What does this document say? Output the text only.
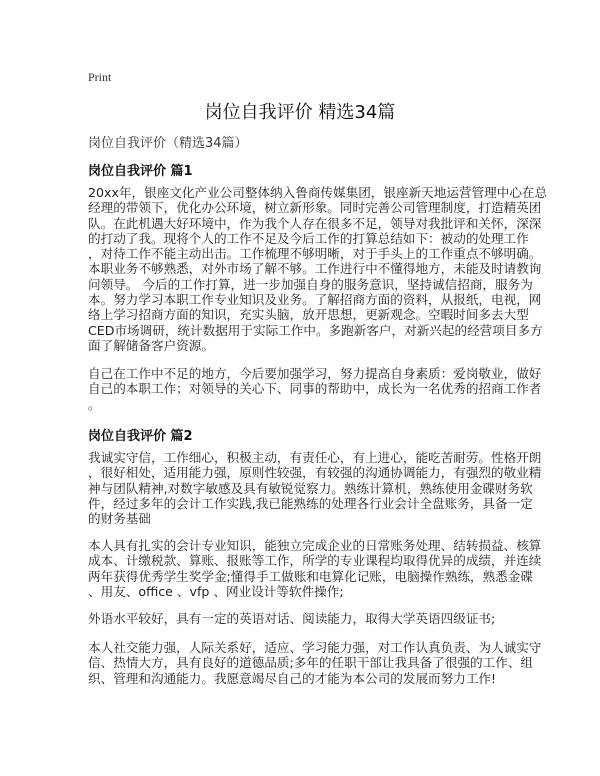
Print
岗位自我评价 精选34篇
岗位自我评价（精选34篇）
岗位自我评价 篇1
20xx年，银座文化产业公司整体纳入鲁商传媒集团，银座新天地运营管理中心在总
经理的带领下，优化办公环境，树立新形象。同时完善公司管理制度，打造精英团
队。在此机遇大好环境中，作为我个人存在很多不足，领导对我批评和关怀，深深
的打动了我。现将个人的工作不足及今后工作的打算总结如下：被动的处理工作
，对待工作不能主动出击。工作梳理不够明晰，对于手头上的工作重点不够明确。
本职业务不够熟悉，对外市场了解不够。工作进行中不懂得地方，未能及时请教询
问领导。 今后的工作打算，进一步加强自身的服务意识，坚持诚信招商，服务为
本。努力学习本职工作专业知识及业务。了解招商方面的资料，从报纸，电视，网
络上学习招商方面的知识，充实头脑，放开思想，更新观念。空暇时间多去大型
CED市场调研，统计数据用于实际工作中。多跑新客户，对新兴起的经营项目多方
面了解储备客户资源。
自己在工作中不足的地方，今后要加强学习，努力提高自身素质：爱岗敬业，做好
自己的本职工作；对领导的关心下、同事的帮助中，成长为一名优秀的招商工作者
。
岗位自我评价 篇2
我诚实守信，工作细心，积极主动，有责任心，有上进心，能吃苦耐劳。性格开朗
，很好相处，适用能力强，原则性较强，有较强的沟通协调能力，有强烈的敬业精
神与团队精神,对数字敏感及具有敏锐觉察力。熟练计算机，熟练使用金碟财务软
件，经过多年的会计工作实践,我已能熟练的处理各行业会计全盘账务，具备一定
的财务基础
本人具有扎实的会计专业知识，能独立完成企业的日常账务处理、结转损益、核算
成本、计缴税款、算账、报账等工作，所学的专业课程均取得优异的成绩，并连续
两年获得优秀学生奖学金;懂得手工做账和电算化记账，电脑操作熟练，熟悉金碟
、用友、office 、vfp 、网业设计等软件操作;
外语水平较好，具有一定的英语对话、阅读能力，取得大学英语四级证书;
本人社交能力强，人际关系好，适应、学习能力强，对工作认真负责、为人诚实守
信、热情大方，具有良好的道德品质;多年的任职干部让我具备了很强的工作、组
织、管理和沟通能力。我愿意竭尽自己的才能为本公司的发展而努力工作!
